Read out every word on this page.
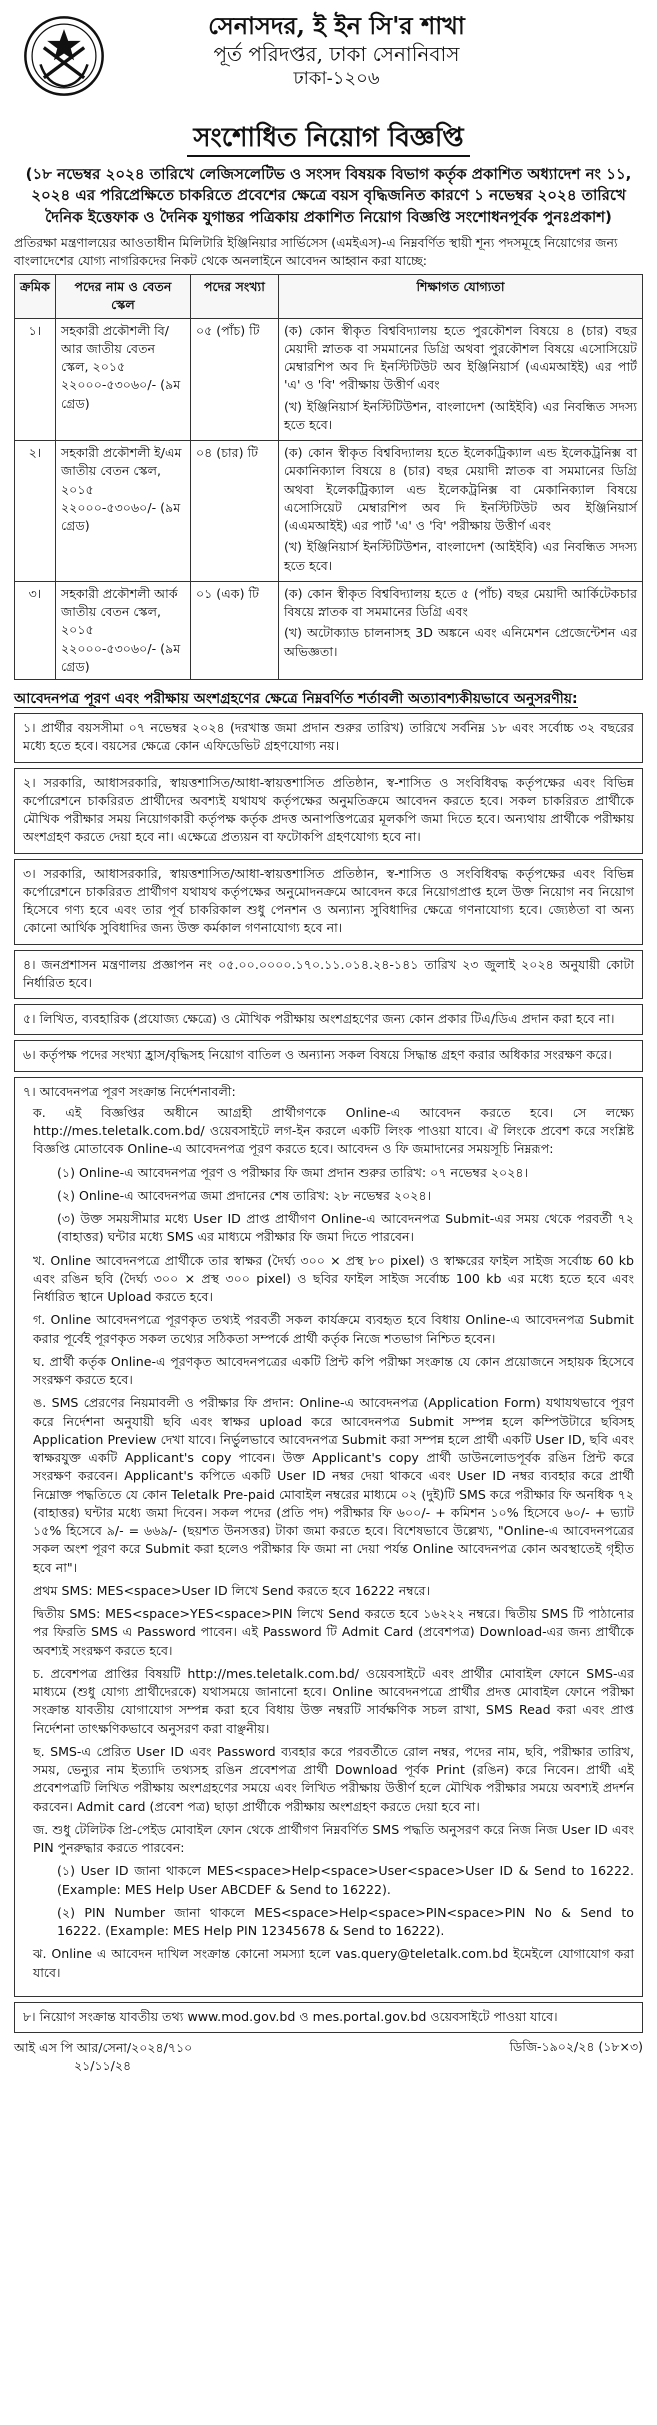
সেনাসদর, ই ইন সি'র শাখা
পূর্ত পরিদপ্তর, ঢাকা সেনানিবাস
ঢাকা-১২০৬
সংশোধিত নিয়োগ বিজ্ঞপ্তি
(১৮ নভেম্বর ২০২৪ তারিখে লেজিসলেটিভ ও সংসদ বিষয়ক বিভাগ কর্তৃক প্রকাশিত অধ্যাদেশ নং ১১, ২০২৪ এর পরিপ্রেক্ষিতে চাকরিতে প্রবেশের ক্ষেত্রে বয়স বৃদ্ধিজনিত কারণে ১ নভেম্বর ২০২৪ তারিখে দৈনিক ইত্তেফাক ও দৈনিক যুগান্তর পত্রিকায় প্রকাশিত নিয়োগ বিজ্ঞপ্তি সংশোধনপূর্বক পুনঃপ্রকাশ)
প্রতিরক্ষা মন্ত্রণালয়ের আওতাধীন মিলিটারি ইঞ্জিনিয়ার সার্ভিসেস (এমইএস)-এ নিম্নবর্ণিত স্থায়ী শূন্য পদসমূহে নিয়োগের জন্য বাংলাদেশের যোগ্য নাগরিকদের নিকট থেকে অনলাইনে আবেদন আহ্বান করা যাচ্ছে:
ক্রমিক	পদের নাম ও বেতন স্কেল	পদের সংখ্যা	শিক্ষাগত যোগ্যতা
১।	সহকারী প্রকৌশলী বি/আর জাতীয় বেতন স্কেল, ২০১৫ ২২০০০-৫৩০৬০/- (৯ম গ্রেড)	০৫ (পাঁচ) টি	(ক) কোন স্বীকৃত বিশ্ববিদ্যালয় হতে পুরকৌশল বিষয়ে ৪ (চার) বছর মেয়াদী স্নাতক বা সমমানের ডিগ্রি অথবা পুরকৌশল বিষয়ে এসোসিয়েট মেম্বারশিপ অব দি ইনস্টিটিউট অব ইঞ্জিনিয়ার্স (এএমআইই) এর পার্ট 'এ' ও 'বি' পরীক্ষায় উত্তীর্ণ এবং

(খ) ইঞ্জিনিয়ার্স ইনস্টিটিউশন, বাংলাদেশ (আইইবি) এর নিবন্ধিত সদস্য হতে হবে।

২।	সহকারী প্রকৌশলী ই/এম জাতীয় বেতন স্কেল, ২০১৫ ২২০০০-৫৩০৬০/- (৯ম গ্রেড)	০৪ (চার) টি	(ক) কোন স্বীকৃত বিশ্ববিদ্যালয় হতে ইলেকট্রিক্যাল এন্ড ইলেকট্রনিক্স বা মেকানিক্যাল বিষয়ে ৪ (চার) বছর মেয়াদী স্নাতক বা সমমানের ডিগ্রি অথবা ইলেকট্রিক্যাল এন্ড ইলেকট্রনিক্স বা মেকানিক্যাল বিষয়ে এসোসিয়েট মেম্বারশিপ অব দি ইনস্টিটিউট অব ইঞ্জিনিয়ার্স (এএমআইই) এর পার্ট 'এ' ও 'বি' পরীক্ষায় উত্তীর্ণ এবং

(খ) ইঞ্জিনিয়ার্স ইনস্টিটিউশন, বাংলাদেশ (আইইবি) এর নিবন্ধিত সদস্য হতে হবে।

৩।	সহকারী প্রকৌশলী আর্ক জাতীয় বেতন স্কেল, ২০১৫ ২২০০০-৫৩০৬০/- (৯ম গ্রেড)	০১ (এক) টি	(ক) কোন স্বীকৃত বিশ্ববিদ্যালয় হতে ৫ (পাঁচ) বছর মেয়াদী আর্কিটেকচার বিষয়ে স্নাতক বা সমমানের ডিগ্রি এবং

(খ) অটোক্যাড চালনাসহ 3D অঙ্কনে এবং এনিমেশন প্রেজেন্টেশন এর অভিজ্ঞতা।

আবেদনপত্র পূরণ এবং পরীক্ষায় অংশগ্রহণের ক্ষেত্রে নিম্নবর্ণিত শর্তাবলী অত্যাবশ্যকীয়ভাবে অনুসরণীয়:
১। প্রার্থীর বয়সসীমা ০৭ নভেম্বর ২০২৪ (দরখাস্ত জমা প্রদান শুরুর তারিখ) তারিখে সর্বনিম্ন ১৮ এবং সর্বোচ্চ ৩২ বছরের মধ্যে হতে হবে। বয়সের ক্ষেত্রে কোন এফিডেভিট গ্রহণযোগ্য নয়।
২। সরকারি, আধাসরকারি, স্বায়ত্তশাসিত/আধা-স্বায়ত্তশাসিত প্রতিষ্ঠান, স্ব-শাসিত ও সংবিধিবদ্ধ কর্তৃপক্ষের এবং বিভিন্ন কর্পোরেশনে চাকরিরত প্রার্থীদের অবশ্যই যথাযথ কর্তৃপক্ষের অনুমতিক্রমে আবেদন করতে হবে। সকল চাকরিরত প্রার্থীকে মৌখিক পরীক্ষার সময় নিয়োগকারী কর্তৃপক্ষ কর্তৃক প্রদত্ত অনাপত্তিপত্রের মূলকপি জমা দিতে হবে। অন্যথায় প্রার্থীকে পরীক্ষায় অংশগ্রহণ করতে দেয়া হবে না। এক্ষেত্রে প্রত্যয়ন বা ফটোকপি গ্রহণযোগ্য হবে না।
৩। সরকারি, আধাসরকারি, স্বায়ত্তশাসিত/আধা-স্বায়ত্তশাসিত প্রতিষ্ঠান, স্ব-শাসিত ও সংবিধিবদ্ধ কর্তৃপক্ষের এবং বিভিন্ন কর্পোরেশনে চাকরিরত প্রার্থীগণ যথাযথ কর্তৃপক্ষের অনুমোদনক্রমে আবেদন করে নিয়োগপ্রাপ্ত হলে উক্ত নিয়োগ নব নিয়োগ হিসেবে গণ্য হবে এবং তার পূর্ব চাকরিকাল শুধু পেনশন ও অন্যান্য সুবিধাদির ক্ষেত্রে গণনাযোগ্য হবে। জ্যেষ্ঠতা বা অন্য কোনো আর্থিক সুবিধাদির জন্য উক্ত কর্মকাল গণনাযোগ্য হবে না।
৪। জনপ্রশাসন মন্ত্রণালয় প্রজ্ঞাপন নং ০৫.০০.০০০০.১৭০.১১.০১৪.২৪-১৪১ তারিখ ২৩ জুলাই ২০২৪ অনুযায়ী কোটা নির্ধারিত হবে।
৫। লিখিত, ব্যবহারিক (প্রযোজ্য ক্ষেত্রে) ও মৌখিক পরীক্ষায় অংশগ্রহণের জন্য কোন প্রকার টিএ/ডিএ প্রদান করা হবে না।
৬। কর্তৃপক্ষ পদের সংখ্যা হ্রাস/বৃদ্ধিসহ নিয়োগ বাতিল ও অন্যান্য সকল বিষয়ে সিদ্ধান্ত গ্রহণ করার অধিকার সংরক্ষণ করে।
৭। আবেদনপত্র পূরণ সংক্রান্ত নির্দেশনাবলী:

ক. এই বিজ্ঞপ্তির অধীনে আগ্রহী প্রার্থীগণকে Online-এ আবেদন করতে হবে। সে লক্ষ্যে http://mes.teletalk.com.bd/ ওয়েবসাইটে লগ-ইন করলে একটি লিংক পাওয়া যাবে। ঐ লিংকে প্রবেশ করে সংশ্লিষ্ট বিজ্ঞপ্তি মোতাবেক Online-এ আবেদনপত্র পূরণ করতে হবে। আবেদন ও ফি জমাদানের সময়সূচি নিম্নরূপ:

(১) Online-এ আবেদনপত্র পূরণ ও পরীক্ষার ফি জমা প্রদান শুরুর তারিখ: ০৭ নভেম্বর ২০২৪।

(২) Online-এ আবেদনপত্র জমা প্রদানের শেষ তারিখ: ২৮ নভেম্বর ২০২৪।

(৩) উক্ত সময়সীমার মধ্যে User ID প্রাপ্ত প্রার্থীগণ Online-এ আবেদনপত্র Submit-এর সময় থেকে পরবর্তী ৭২ (বাহাত্তর) ঘন্টার মধ্যে SMS এর মাধ্যমে পরীক্ষার ফি জমা দিতে পারবেন।

খ. Online আবেদনপত্রে প্রার্থীকে তার স্বাক্ষর (দৈর্ঘ্য ৩০০ × প্রস্থ ৮০ pixel) ও স্বাক্ষরের ফাইল সাইজ সর্বোচ্চ 60 kb এবং রঙিন ছবি (দৈর্ঘ্য ৩০০ × প্রস্থ ৩০০ pixel) ও ছবির ফাইল সাইজ সর্বোচ্চ 100 kb এর মধ্যে হতে হবে এবং নির্ধারিত স্থানে Upload করতে হবে।

গ. Online আবেদনপত্রে পূরণকৃত তথ্যই পরবর্তী সকল কার্যক্রমে ব্যবহৃত হবে বিধায় Online-এ আবেদনপত্র Submit করার পূর্বেই পূরণকৃত সকল তথ্যের সঠিকতা সম্পর্কে প্রার্থী কর্তৃক নিজে শতভাগ নিশ্চিত হবেন।

ঘ. প্রার্থী কর্তৃক Online-এ পূরণকৃত আবেদনপত্রের একটি প্রিন্ট কপি পরীক্ষা সংক্রান্ত যে কোন প্রয়োজনে সহায়ক হিসেবে সংরক্ষণ করতে হবে।

ঙ. SMS প্রেরণের নিয়মাবলী ও পরীক্ষার ফি প্রদান: Online-এ আবেদনপত্র (Application Form) যথাযথভাবে পূরণ করে নির্দেশনা অনুযায়ী ছবি এবং স্বাক্ষর upload করে আবেদনপত্র Submit সম্পন্ন হলে কম্পিউটারে ছবিসহ Application Preview দেখা যাবে। নির্ভুলভাবে আবেদনপত্র Submit করা সম্পন্ন হলে প্রার্থী একটি User ID, ছবি এবং স্বাক্ষরযুক্ত একটি Applicant's copy পাবেন। উক্ত Applicant's copy প্রার্থী ডাউনলোডপূর্বক রঙিন প্রিন্ট করে সংরক্ষণ করবেন। Applicant's কপিতে একটি User ID নম্বর দেয়া থাকবে এবং User ID নম্বর ব্যবহার করে প্রার্থী নিম্নোক্ত পদ্ধতিতে যে কোন Teletalk Pre-paid মোবাইল নম্বরের মাধ্যমে ০২ (দুই)টি SMS করে পরীক্ষার ফি অনধিক ৭২ (বাহাত্তর) ঘন্টার মধ্যে জমা দিবেন। সকল পদের (প্রতি পদ) পরীক্ষার ফি ৬০০/- + কমিশন ১০% হিসেবে ৬০/- + ভ্যাট ১৫% হিসেবে ৯/- = ৬৬৯/- (ছয়শত উনসত্তর) টাকা জমা করতে হবে। বিশেষভাবে উল্লেখ্য, "Online-এ আবেদনপত্রের সকল অংশ পূরণ করে Submit করা হলেও পরীক্ষার ফি জমা না দেয়া পর্যন্ত Online আবেদনপত্র কোন অবস্থাতেই গৃহীত হবে না"।

প্রথম SMS: MES<space>User ID লিখে Send করতে হবে 16222 নম্বরে।

দ্বিতীয় SMS: MES<space>YES<space>PIN লিখে Send করতে হবে ১৬২২২ নম্বরে। দ্বিতীয় SMS টি পাঠানোর পর ফিরতি SMS এ Password পাবেন। এই Password টি Admit Card (প্রবেশপত্র) Download-এর জন্য প্রার্থীকে অবশ্যই সংরক্ষণ করতে হবে।

চ. প্রবেশপত্র প্রাপ্তির বিষয়টি http://mes.teletalk.com.bd/ ওয়েবসাইটে এবং প্রার্থীর মোবাইল ফোনে SMS-এর মাধ্যমে (শুধু যোগ্য প্রার্থীদেরকে) যথাসময়ে জানানো হবে। Online আবেদনপত্রে প্রার্থীর প্রদত্ত মোবাইল ফোনে পরীক্ষা সংক্রান্ত যাবতীয় যোগাযোগ সম্পন্ন করা হবে বিধায় উক্ত নম্বরটি সার্বক্ষণিক সচল রাখা, SMS Read করা এবং প্রাপ্ত নির্দেশনা তাৎক্ষণিকভাবে অনুসরণ করা বাঞ্ছনীয়।

ছ. SMS-এ প্রেরিত User ID এবং Password ব্যবহার করে পরবর্তীতে রোল নম্বর, পদের নাম, ছবি, পরীক্ষার তারিখ, সময়, ভেন্যুর নাম ইত্যাদি তথ্যসহ রঙিন প্রবেশপত্র প্রার্থী Download পূর্বক Print (রঙিন) করে নিবেন। প্রার্থী এই প্রবেশপত্রটি লিখিত পরীক্ষায় অংশগ্রহণের সময়ে এবং লিখিত পরীক্ষায় উত্তীর্ণ হলে মৌখিক পরীক্ষার সময়ে অবশ্যই প্রদর্শন করবেন। Admit card (প্রবেশ পত্র) ছাড়া প্রার্থীকে পরীক্ষায় অংশগ্রহণ করতে দেয়া হবে না।

জ. শুধু টেলিটক প্রি-পেইড মোবাইল ফোন থেকে প্রার্থীগণ নিম্নবর্ণিত SMS পদ্ধতি অনুসরণ করে নিজ নিজ User ID এবং PIN পুনরুদ্ধার করতে পারবেন:

(১) User ID জানা থাকলে MES<space>Help<space>User<space>User ID & Send to 16222. (Example: MES Help User ABCDEF & Send to 16222).

(২) PIN Number জানা থাকলে MES<space>Help<space>PIN<space>PIN No & Send to 16222. (Example: MES Help PIN 12345678 & Send to 16222).

ঝ. Online এ আবেদন দাখিল সংক্রান্ত কোনো সমস্যা হলে vas.query@teletalk.com.bd ইমেইলে যোগাযোগ করা যাবে।

৮। নিয়োগ সংক্রান্ত যাবতীয় তথ্য www.mod.gov.bd ও mes.portal.gov.bd ওয়েবসাইটে পাওয়া যাবে।
আই এস পি আর/সেনা/২০২৪/৭১০
২১/১১/২৪
ডিজি-১৯০২/২৪ (১৮×৩)
